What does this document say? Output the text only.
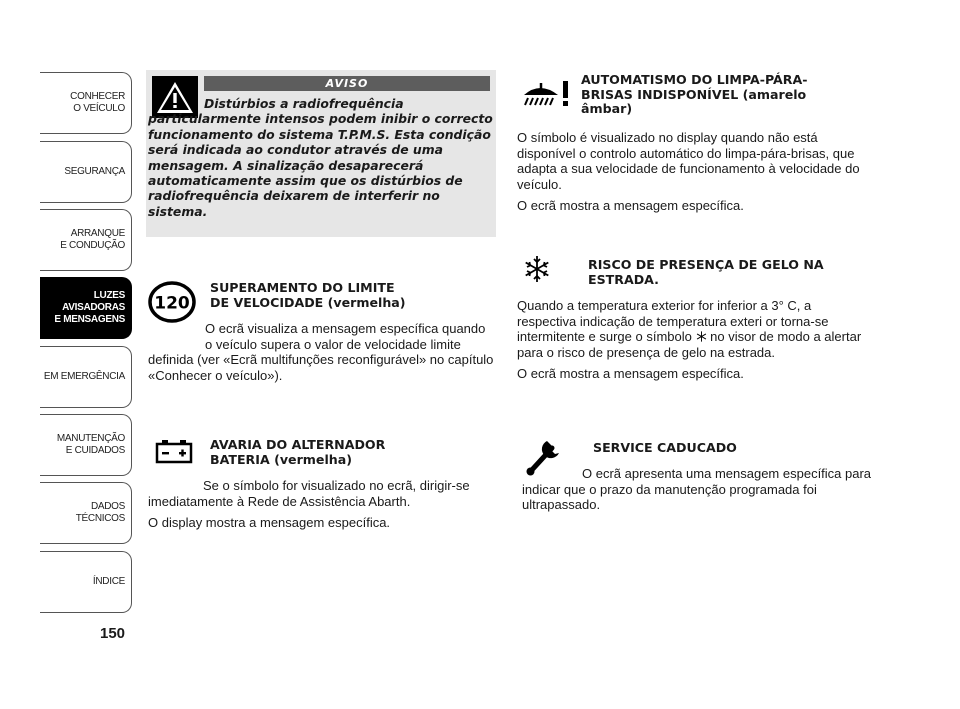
CONHECER
O VEÍCULO
SEGURANÇA
ARRANQUE
E CONDUÇÃO
LUZES
AVISADORAS
E MENSAGENS
EM EMERGÊNCIA
MANUTENÇÃO
E CUIDADOS
DADOS
TÉCNICOS
ÍNDICE
150
AVISO
Distúrbios a radiofrequência particularmente intensos podem inibir o correcto funcionamento do sistema T.P.M.S. Esta condição será indicada ao condutor através de uma mensagem. A sinalização desaparecerá automaticamente assim que os distúrbios de radiofrequência deixarem de interferir no sistema.
120
SUPERAMENTO DO LIMITE
DE VELOCIDADE (vermelha)
O ecrã visualiza a mensagem específica quando o veículo supera o valor de velocidade limite
definida (ver «Ecrã multifunções reconfigurável» no capítulo «Conhecer o veículo»).
AVARIA DO ALTERNADOR
BATERIA (vermelha)

Se o símbolo for visualizado no ecrã, dirigir-se imediatamente à Rede de Assistência Abarth.

O display mostra a mensagem específica.

AUTOMATISMO DO LIMPA-PÁRA-
BRISAS INDISPONÍVEL (amarelo
âmbar)

O símbolo é visualizado no display quando não está disponível o controlo automático do limpa-pára-brisas, que adapta a sua velocidade de funcionamento à velocidade do veículo.

O ecrã mostra a mensagem específica.

RISCO DE PRESENÇA DE GELO NA
ESTRADA.

Quando a temperatura exterior for inferior a 3° C, a respectiva indicação de temperatura exteri or torna-se intermitente e surge o símbolo no visor de modo a alertar para o risco de presença de gelo na estrada.

O ecrã mostra a mensagem específica.

SERVICE CADUCADO

O ecrã apresenta uma mensagem específica para indicar que o prazo da manutenção programada foi ultrapassado.
